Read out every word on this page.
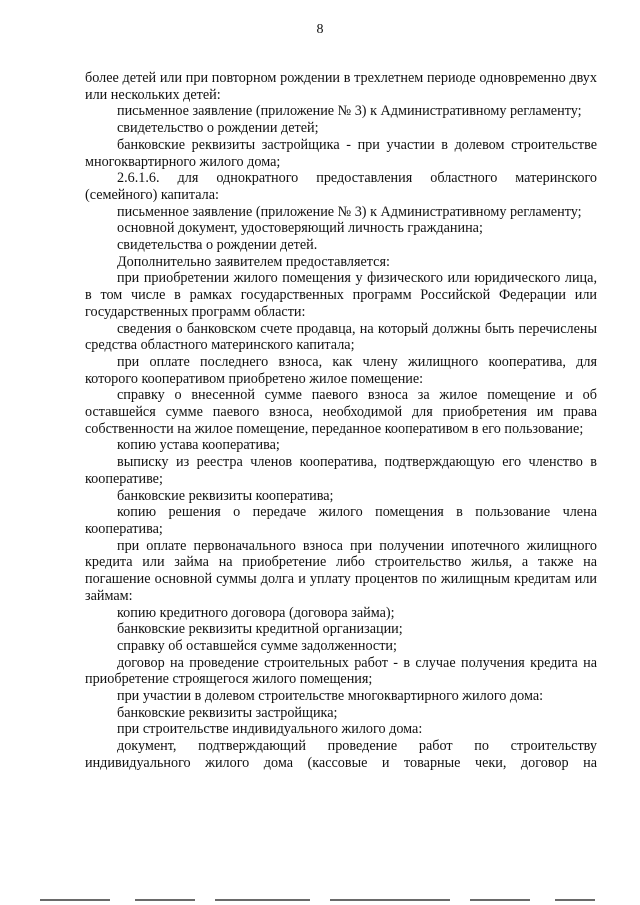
8

более детей или при повторном рождении в трехлетнем периоде одновременно двух или нескольких детей:

письменное заявление (приложение № 3) к Административному регламенту;

свидетельство о рождении детей;

банковские реквизиты застройщика - при участии в долевом строительстве многоквартирного жилого дома;

2.6.1.6. для однократного предоставления областного материнского (семейного) капитала:

письменное заявление (приложение № 3) к Административному регламенту;

основной документ, удостоверяющий личность гражданина;

свидетельства о рождении детей.

Дополнительно заявителем предоставляется:

при приобретении жилого помещения у физического или юридического лица, в том числе в рамках государственных программ Российской Федерации или государственных программ области:

сведения о банковском счете продавца, на который должны быть перечислены средства областного материнского капитала;

при оплате последнего взноса, как члену жилищного кооператива, для которого кооперативом приобретено жилое помещение:

справку о внесенной сумме паевого взноса за жилое помещение и об оставшейся сумме паевого взноса, необходимой для приобретения им права собственности на жилое помещение, переданное кооперативом в его пользование;

копию устава кооператива;

выписку из реестра членов кооператива, подтверждающую его членство в кооперативе;

банковские реквизиты кооператива;

копию решения о передаче жилого помещения в пользование члена кооператива;

при оплате первоначального взноса при получении ипотечного жилищного кредита или займа на приобретение либо строительство жилья, а также на погашение основной суммы долга и уплату процентов по жилищным кредитам или займам:

копию кредитного договора (договора займа);

банковские реквизиты кредитной организации;

справку об оставшейся сумме задолженности;

договор на проведение строительных работ - в случае получения кредита на приобретение строящегося жилого помещения;

при участии в долевом строительстве многоквартирного жилого дома:

банковские реквизиты застройщика;

при строительстве индивидуального жилого дома:

документ, подтверждающий проведение работ по строительству индивидуального жилого дома (кассовые и товарные чеки, договор на
